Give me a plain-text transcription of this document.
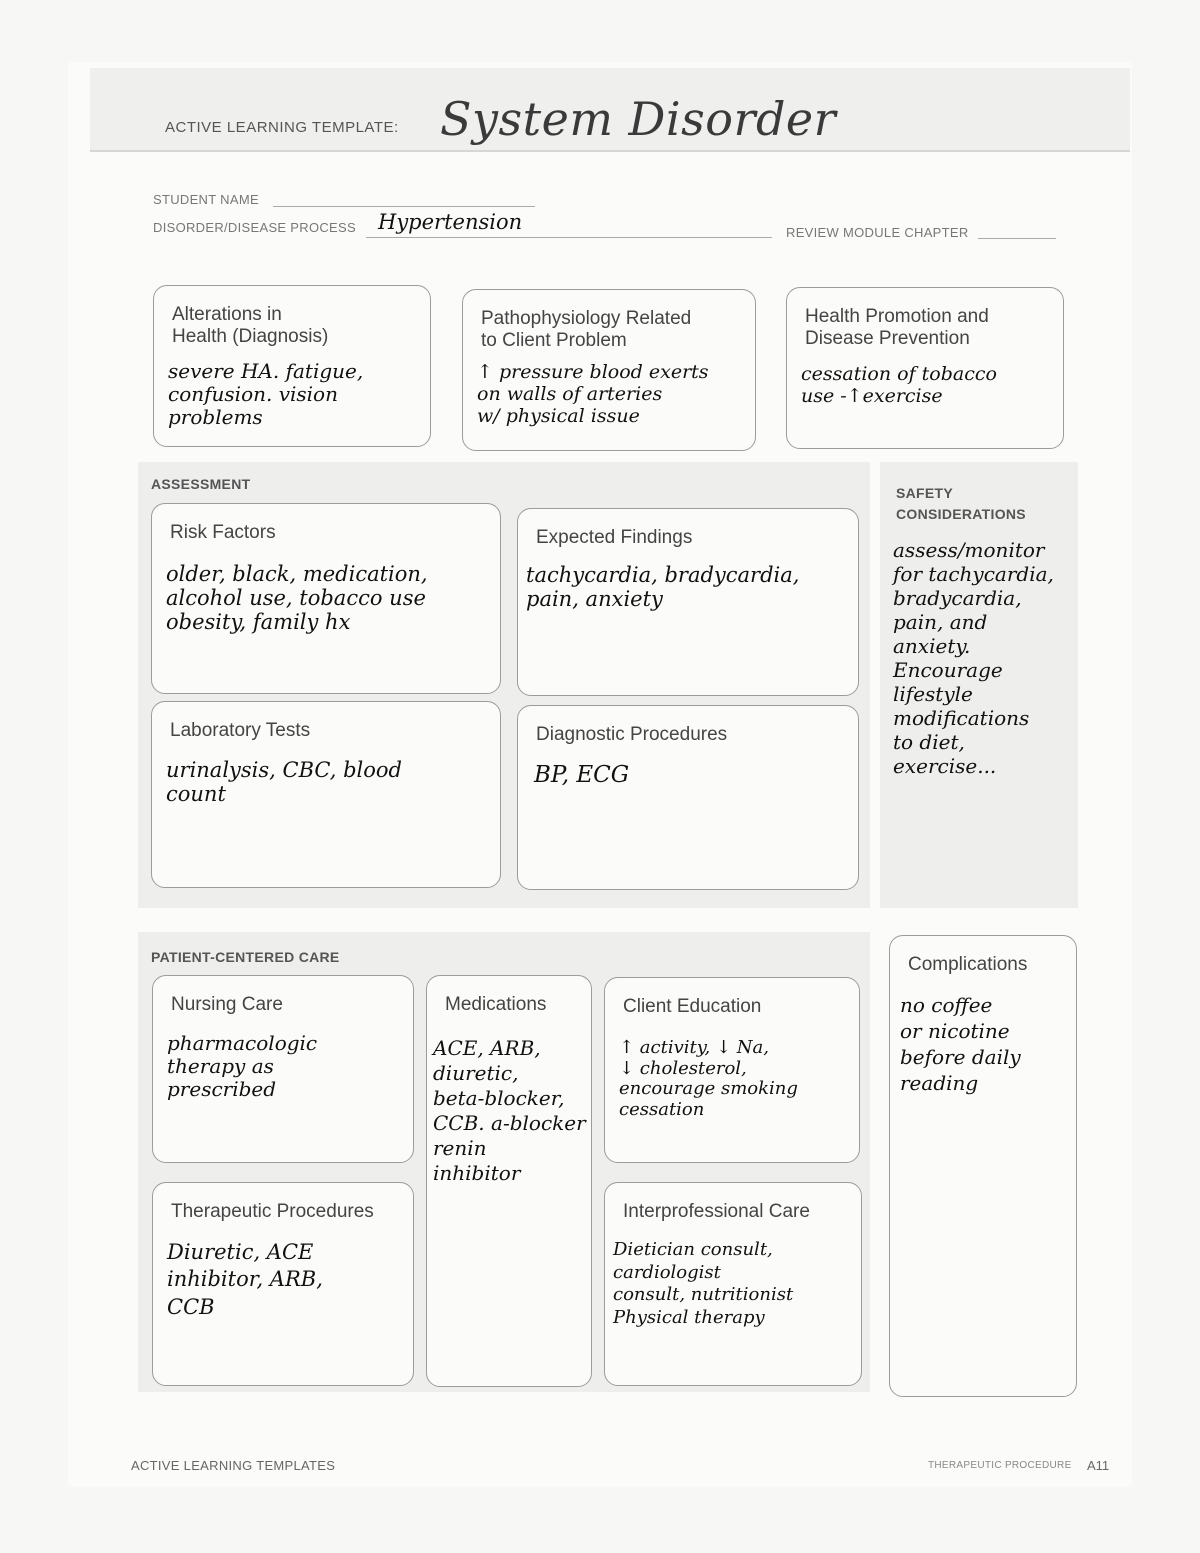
ACTIVE LEARNING TEMPLATE: System Disorder
STUDENT NAME
DISORDER/DISEASE PROCESS Hypertension	REVIEW MODULE CHAPTER
Alterations in
Health (Diagnosis)
severe HA. fatigue,
confusion. vision
problems
Pathophysiology Related
to Client Problem
↑ pressure blood exerts
on walls of arteries
w/ physical issue
Health Promotion and
Disease Prevention
cessation of tobacco
use -↑exercise
ASSESSMENT
Risk Factors
older, black, medication,
alcohol use, tobacco use
obesity, family hx
Expected Findings
tachycardia, bradycardia,
pain, anxiety
Laboratory Tests
urinalysis, CBC, blood
count
Diagnostic Procedures
BP, ECG
SAFETY
CONSIDERATIONS
assess/monitor
for tachycardia,
bradycardia,
pain, and
anxiety.
Encourage
lifestyle
modifications
to diet,
exercise...
PATIENT-CENTERED CARE
Nursing Care
pharmacologic
therapy as
prescribed
Medications
ACE, ARB,
diuretic,
beta-blocker,
CCB. a-blocker
renin
inhibitor
Client Education
↑ activity, ↓ Na,
↓ cholesterol,
encourage smoking
cessation
Therapeutic Procedures
Diuretic, ACE
inhibitor, ARB,
CCB
Interprofessional Care
Dietician consult,
cardiologist
consult, nutritionist
Physical therapy
Complications
no coffee
or nicotine
before daily
reading
ACTIVE LEARNING TEMPLATES	THERAPEUTIC PROCEDURE A11
